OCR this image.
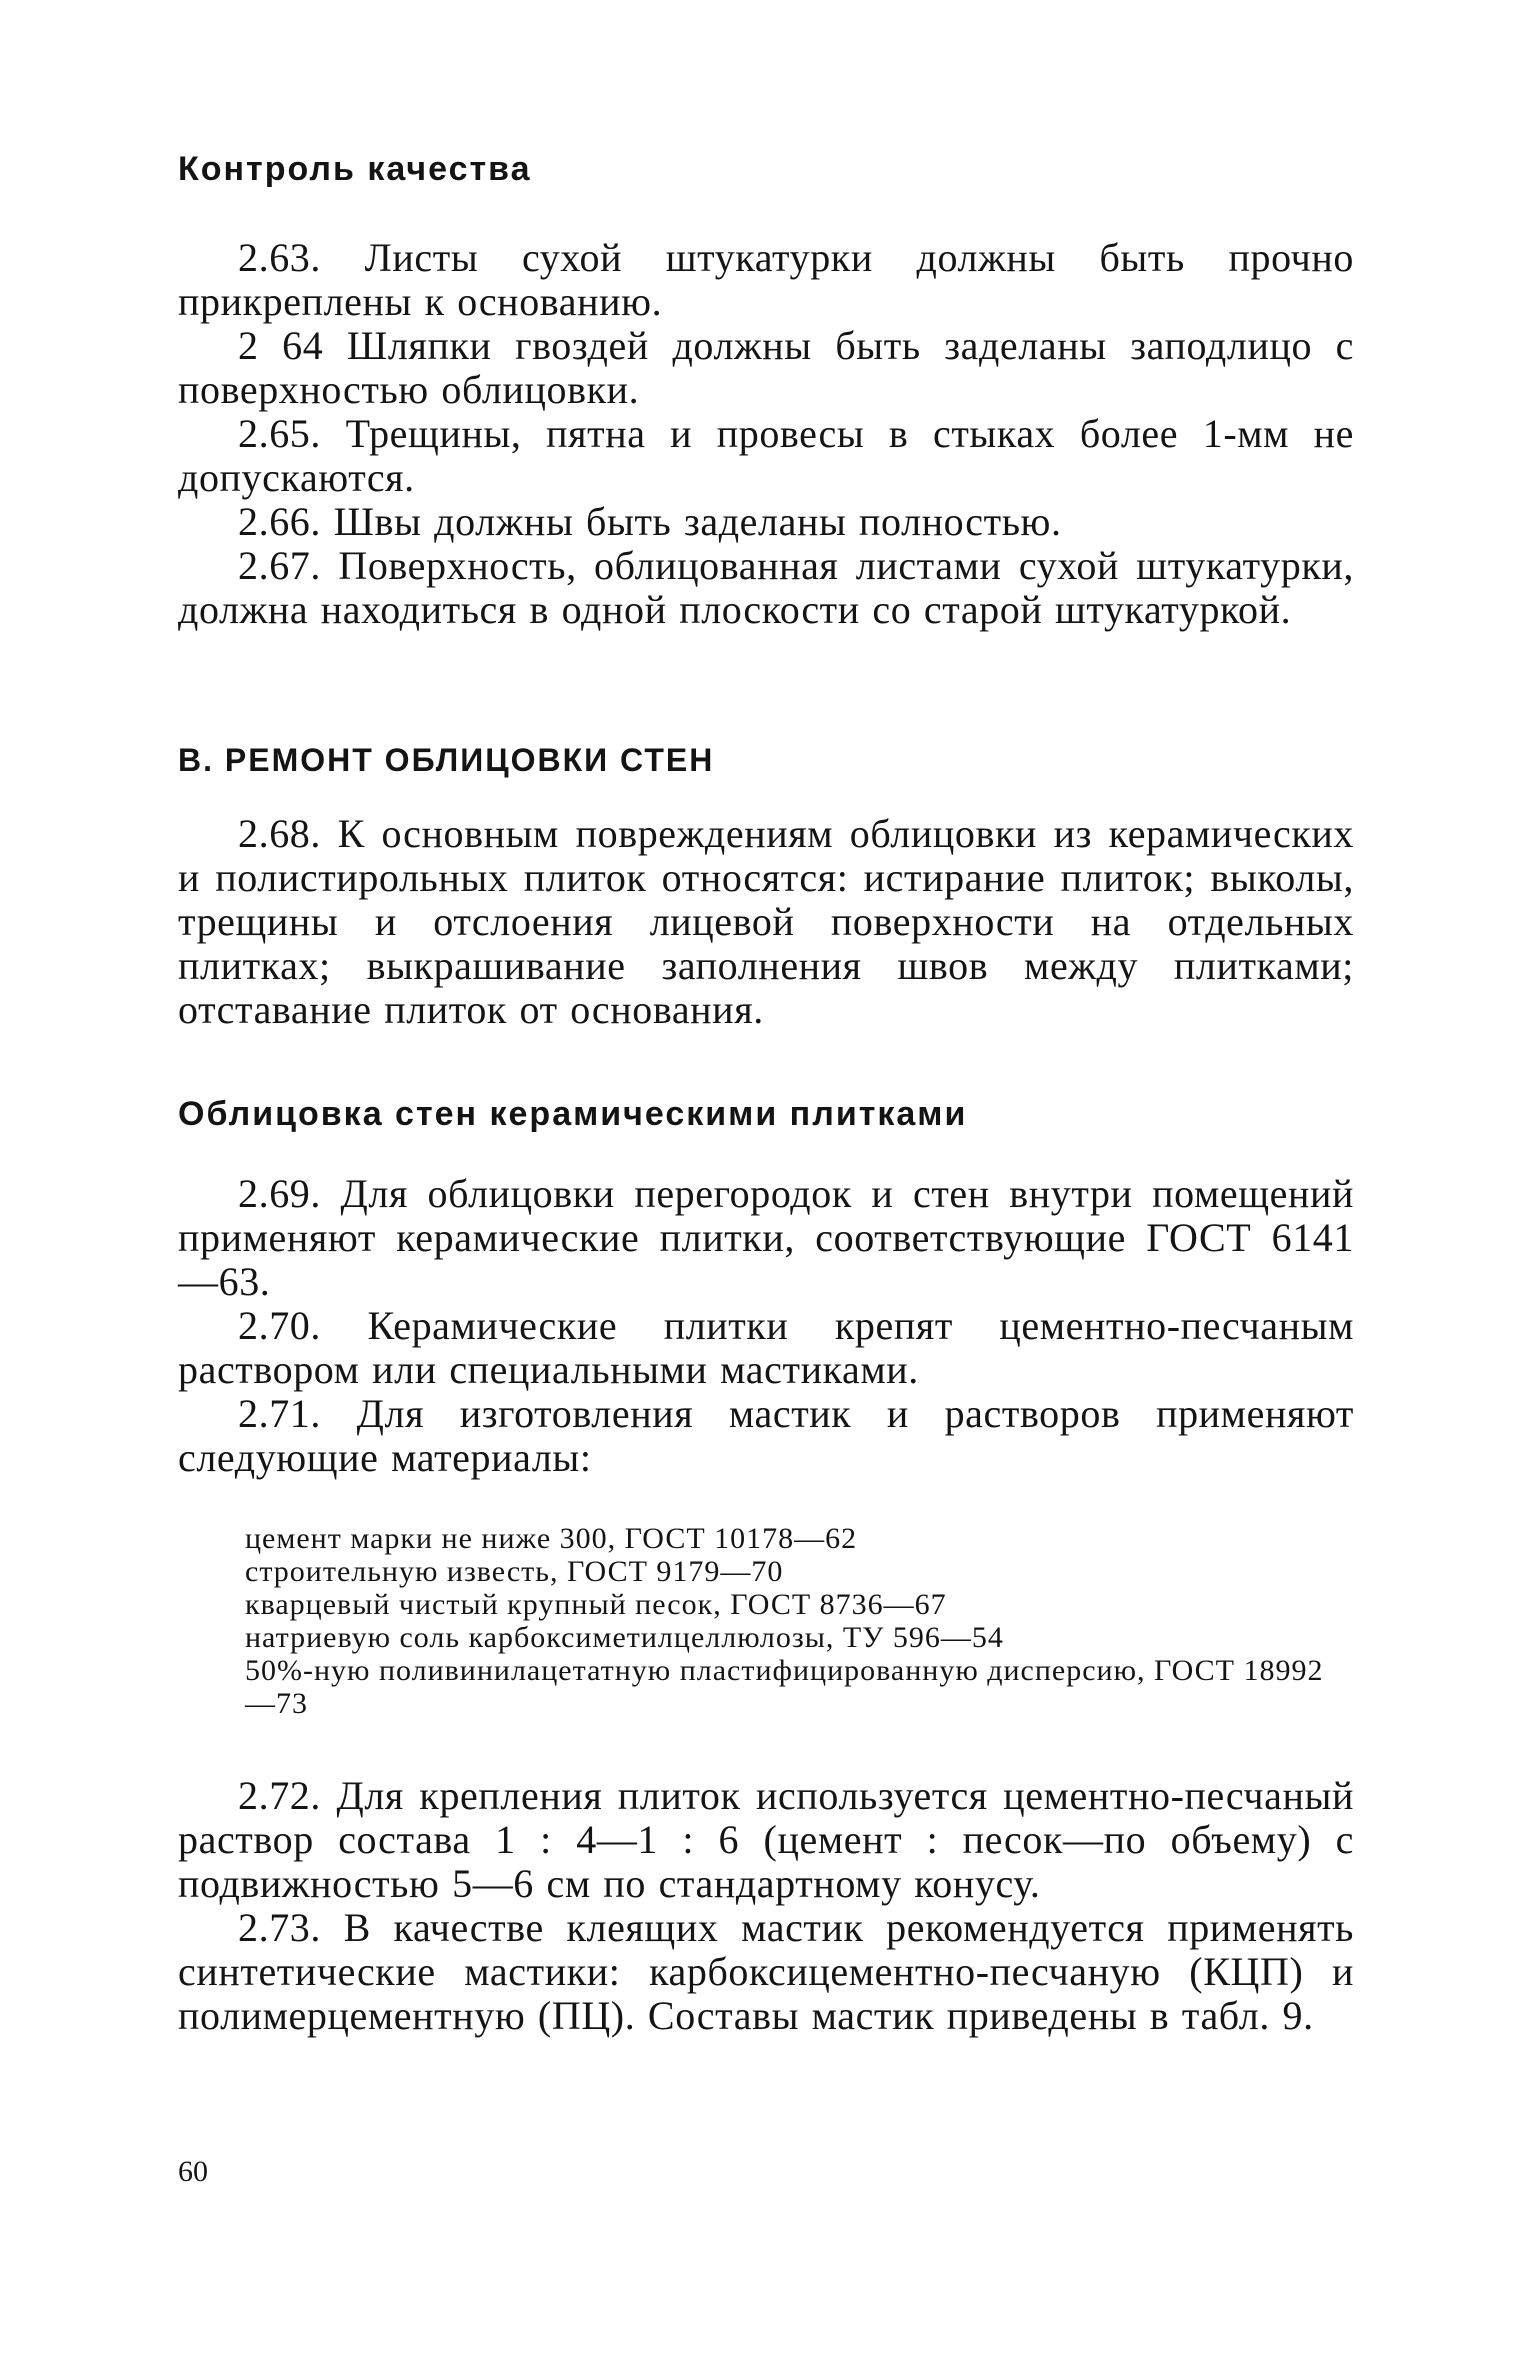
Контроль качества

2.63. Листы сухой штукатурки должны быть прочно прикреплены к основанию.

2 64 Шляпки гвоздей должны быть заделаны заподлицо с поверхностью облицовки.

2.65. Трещины, пятна и провесы в стыках более 1-мм не допускаются.

2.66. Швы должны быть заделаны полностью.

2.67. Поверхность, облицованная листами сухой штукатурки, должна находиться в одной плоскости со старой штукатуркой.

В. РЕМОНТ ОБЛИЦОВКИ СТЕН

2.68. К основным повреждениям облицовки из керамических и полистирольных плиток относятся: истирание плиток; выколы, трещины и отслоения лицевой поверхности на отдельных плитках; выкрашивание заполнения швов между плитками; отставание плиток от основания.

Облицовка стен керамическими плитками

2.69. Для облицовки перегородок и стен внутри помещений применяют керамические плитки, соответствующие ГОСТ 6141—63.

2.70. Керамические плитки крепят цементно-песчаным раствором или специальными мастиками.

2.71. Для изготовления мастик и растворов применяют следующие материалы:

цемент марки не ниже 300, ГОСТ 10178—62
строительную известь, ГОСТ 9179—70
кварцевый чистый крупный песок, ГОСТ 8736—67
натриевую соль карбоксиметилцеллюлозы, ТУ 596—54
50%-ную поливинилацетатную пластифицированную дисперсию, ГОСТ 18992—73

2.72. Для крепления плиток используется цементно-песчаный раствор состава 1 : 4—1 : 6 (цемент : песок—по объему) с подвижностью 5—6 см по стандартному конусу.

2.73. В качестве клеящих мастик рекомендуется применять синтетические мастики: карбоксицементно-песчаную (КЦП) и полимерцементную (ПЦ). Составы мастик приведены в табл. 9.

60
